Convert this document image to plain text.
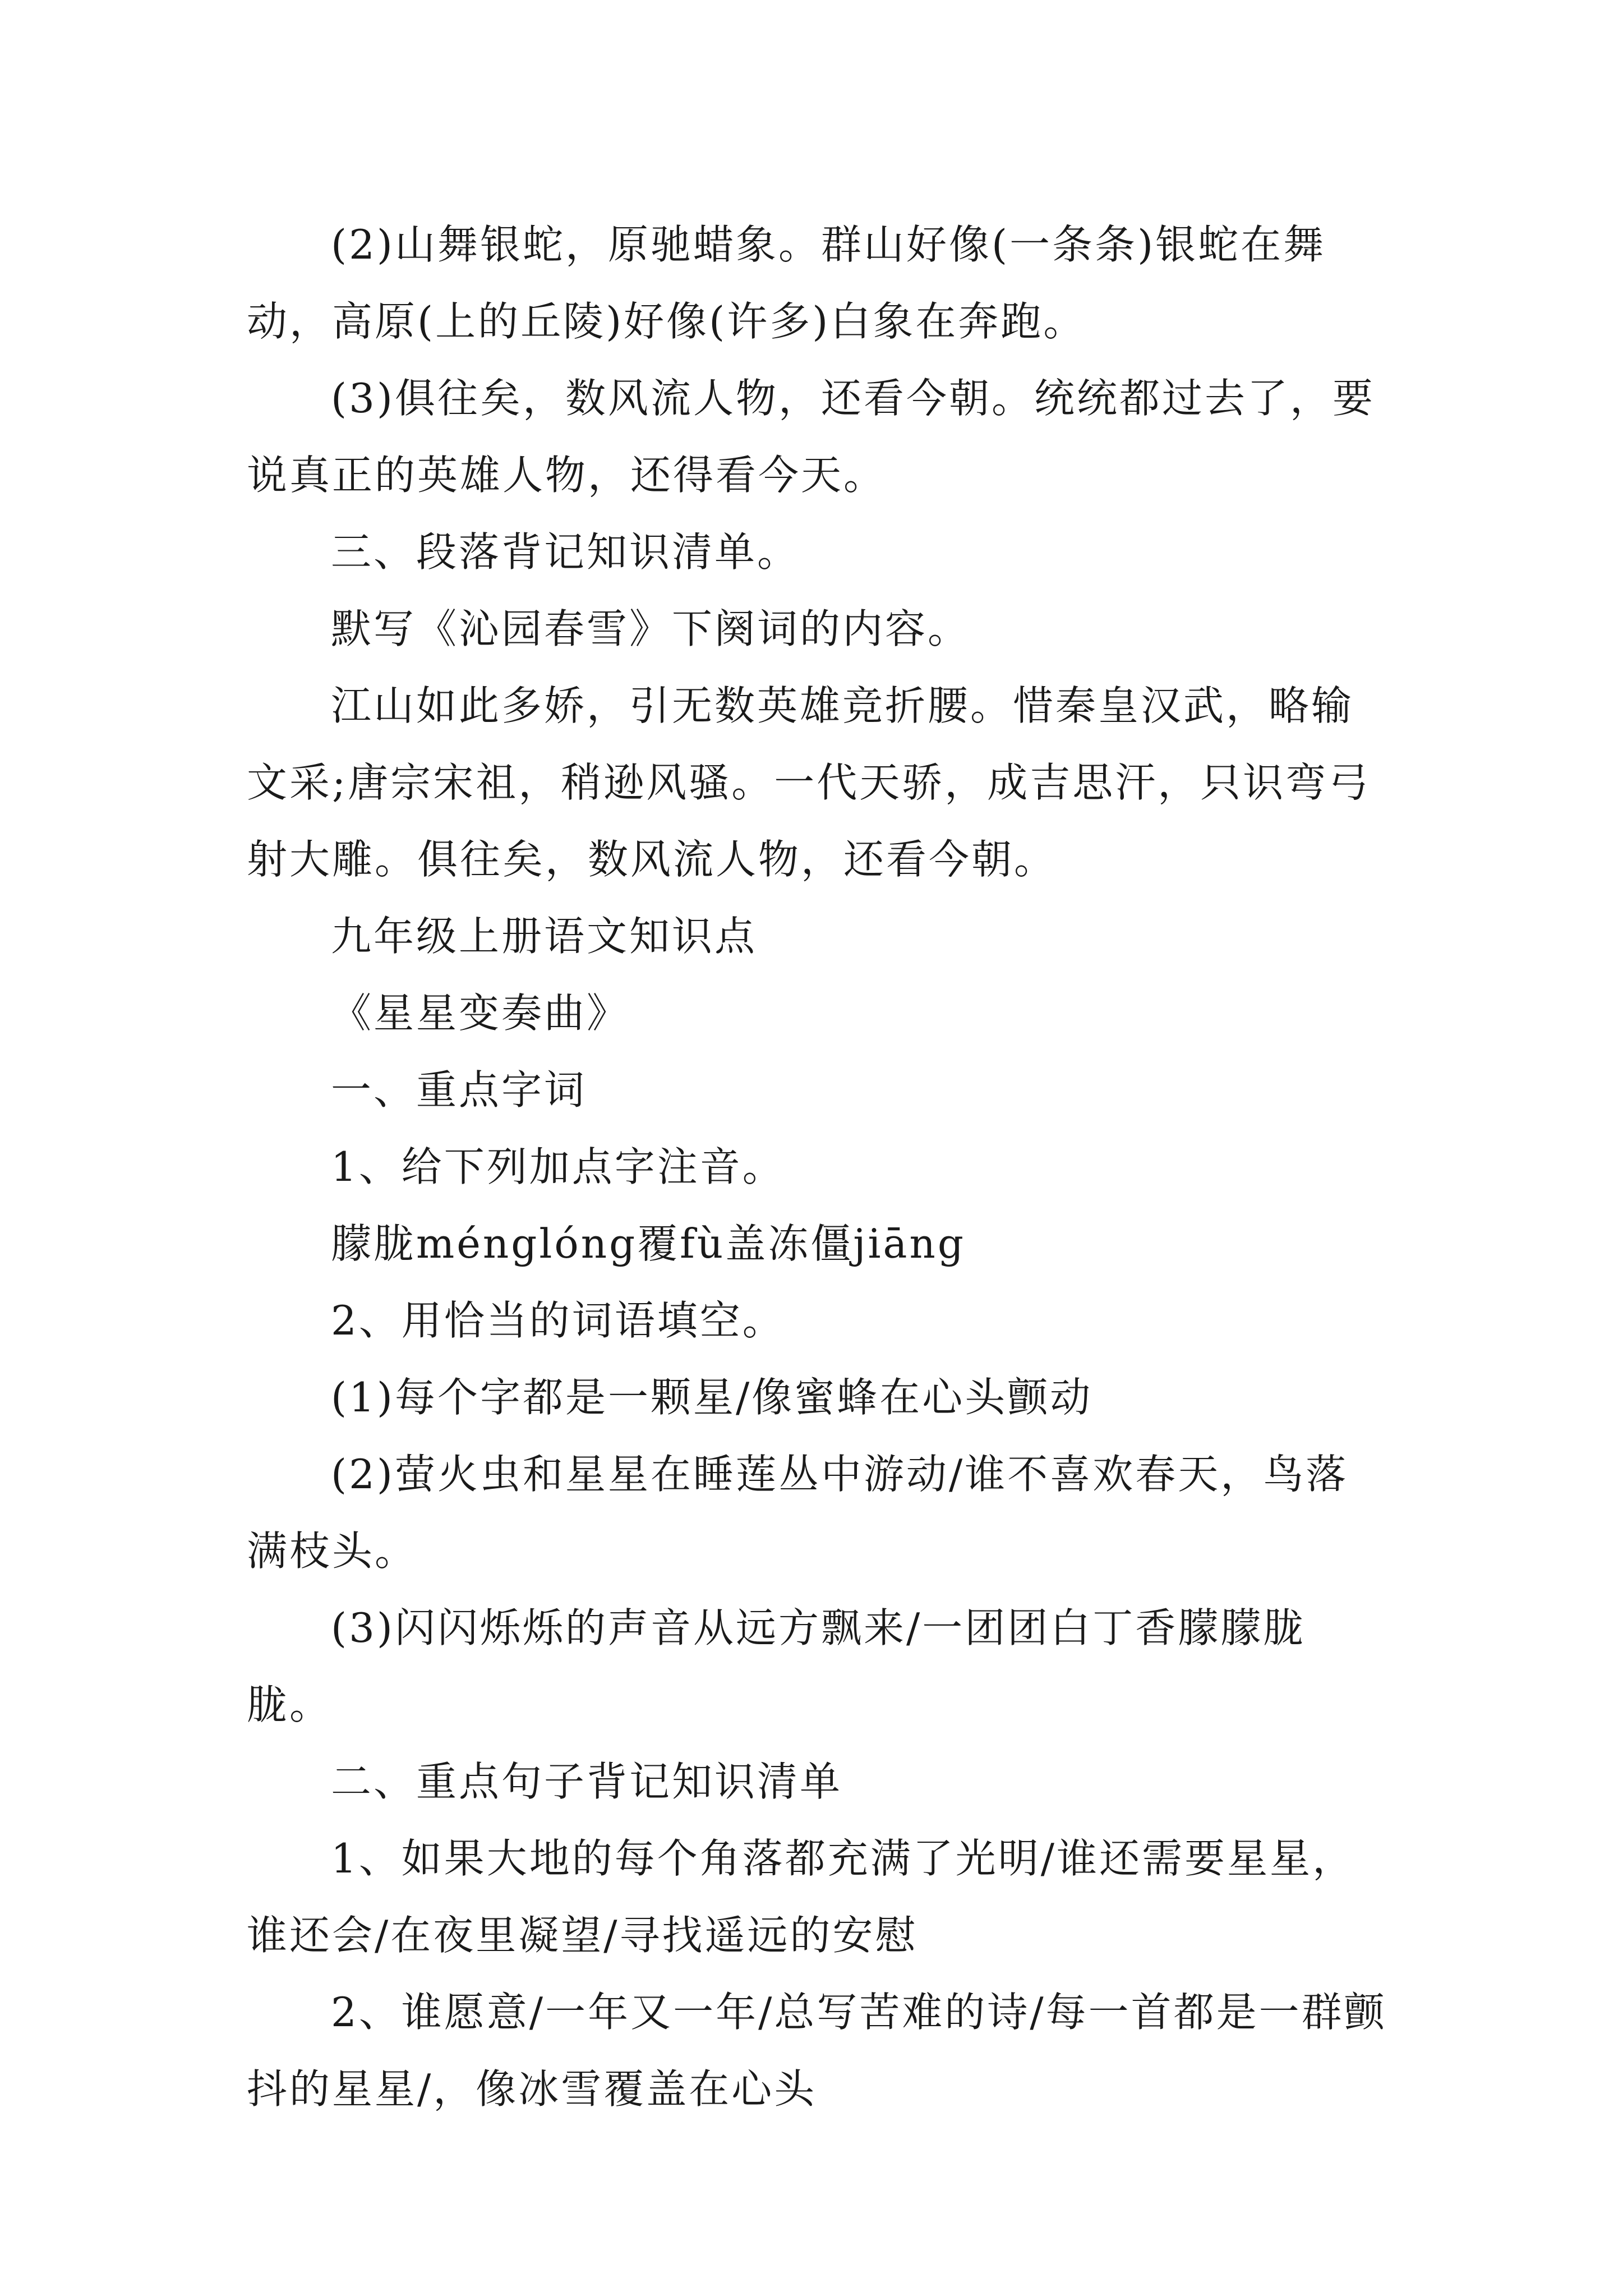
(2)山舞银蛇，原驰蜡象。群山好像(一条条)银蛇在舞动，高原(上的丘陵)好像(许多)白象在奔跑。

(3)俱往矣，数风流人物，还看今朝。统统都过去了，要说真正的英雄人物，还得看今天。

三、段落背记知识清单。

默写《沁园春雪》下阕词的内容。

江山如此多娇，引无数英雄竞折腰。惜秦皇汉武，略输文采;唐宗宋祖，稍逊风骚。一代天骄，成吉思汗，只识弯弓射大雕。俱往矣，数风流人物，还看今朝。

九年级上册语文知识点

《星星变奏曲》

一、重点字词

1、给下列加点字注音。

朦胧ménglóng覆fù盖冻僵jiāng

2、用恰当的词语填空。

(1)每个字都是一颗星/像蜜蜂在心头颤动

(2)萤火虫和星星在睡莲丛中游动/谁不喜欢春天，鸟落满枝头。

(3)闪闪烁烁的声音从远方飘来/一团团白丁香朦朦胧胧。

二、重点句子背记知识清单

1、如果大地的每个角落都充满了光明/谁还需要星星，谁还会/在夜里凝望/寻找遥远的安慰

2、谁愿意/一年又一年/总写苦难的诗/每一首都是一群颤抖的星星/，像冰雪覆盖在心头
